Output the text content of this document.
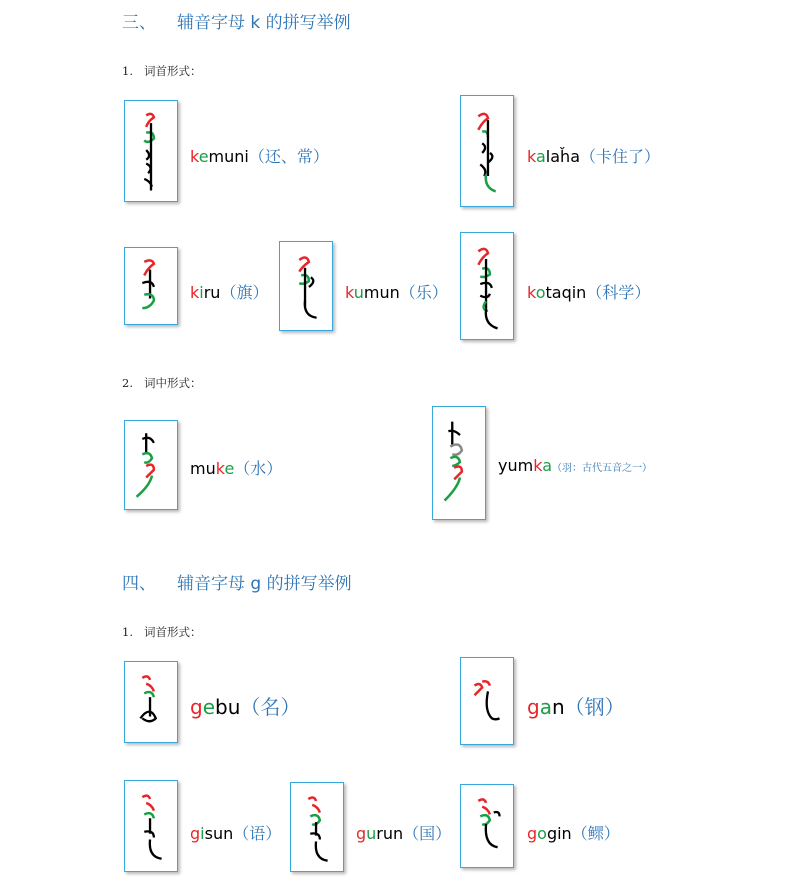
三、 辅音字母 k 的拼写举例
1. 词首形式：
kemuni（还、常）	kalaȟa（卡住了）
kiru（旗）	kumun（乐）	kotaqin（科学）
2. 词中形式：
muke（水）	yumka（羽：古代五音之一）
四、 辅音字母 g 的拼写举例
1. 词首形式：
gebu（名）	gan（钢）
gisun（语）	gurun（国）	gogin（鳏）
